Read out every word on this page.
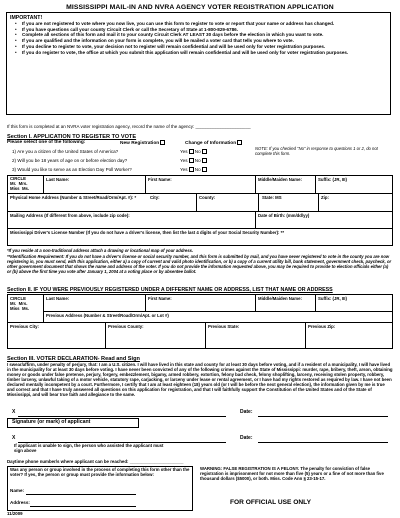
MISSISSIPPI MAIL-IN AND NVRA AGENCY VOTER REGISTRATION APPLICATION
IMPORTANT!
• If you are not registered to vote where you now live, you can use this form to register to vote or report that your name or address has changed.
• If you have questions call your county Circuit Clerk or call the Secretary of State at 1-800-829-6786.
• Complete all sections of this form and mail it to your county Circuit Clerk AT LEAST 30 days before the election in which you want to vote.
• If you are qualified and the information on your form is complete, you will be mailed a voter card that tells you where to vote.
• If you decline to register to vote, your decision not to register will remain confidential and will be used only for voter registration purposes.
• If you do register to vote, the office at which you submit this application will remain confidential and will be used only for voter registration purposes.
If this form is completed at an NVRA voter registration agency, record the name of the agency: ______________________
Section I. APPLICATION TO REGISTER TO VOTE
Please select one of the following:	New Registration	Change of Information
NOTE: If you checked "No" in response to questions 1 or 2, do not complete this form.
1) Are you a citizen of the United States of America?	Yes No
2) Will you be 18 years of age on or before election day?	Yes No
3) Would you like to serve as an Election Day Poll Worker?	Yes No
CIRCLE
Mr. Mrs.
Miss Ms.
Last Name:	First Name:	Middle/Maiden Name:	Suffix: (JR, III)
Physical Home Address (Number & Street/Road/Orm/Apt. #): *	City:	County:	State: MS	Zip:
Mailing Address (If different from above, include zip code):	Date of Birth: (mm/dd/yy)
Mississippi Driver's License Number (If you do not have a driver's license, then list the last 4 digits of your Social Security Number): **
*If you reside at a non-traditional address attach a drawing or locational map of your address.
**Identification Requirement: If you do not have a driver's license or social security number, and this form is submitted by mail, and you have never registered to vote in the county you are now registering in, you must send, with this application, either a) a copy of current and valid photo identification, or b) a copy of a current utility bill, bank statement, government check, paycheck, or other government document that shows the name and address of the voter. If you do not provide the information requested above, you may be required to provide to election officials either (a) or (b) above the first time you vote after January 1, 2004 at a voting place or by absentee ballot.
Section II. IF YOU WERE PREVIOUSLY REGISTERED UNDER A DIFFERENT NAME OR ADDRESS, LIST THAT NAME OR ADDRESS
CIRCLE
Mr. Mrs.
Miss Ms.
Last Name:	First Name:	Middle/Maiden Name:	Suffix: (JR, III)
Previous Address (Number & Street/Road/Orm/Apt. or Lot #)
Previous City:	Previous County:	Previous State:	Previous Zip:
Section III. VOTER DECLARATION- Read and Sign
I swear/affirm, under penalty of perjury, that: I am a U.S. citizen. I will have lived in this state and county for at least 30 days before voting, and if a resident of a municipality, I will have lived in the municipality for at least 30 days before voting. I have never been convicted of any of the following crimes against the State of Mississippi: murder, rape, bribery, theft, arson, obtaining money or goods under false pretense, perjury, forgery, embezzlement, bigamy, armed robbery, extortion, felony bad check, felony shoplifting, larceny, receiving stolen property, robbery, timber larceny, unlawful taking of a motor vehicle, statutory rape, carjacking, or larceny under lease or rental agreement, or I have had my rights restored as required by law. I have not been declared mentally incompetent by a court. Furthermore, I certify that I am at least eighteen (18) years old (or I will be before the next general election), the information given by me is true and correct and that I have truly answered all questions on this application for registration, and that I will faithfully support the Constitution of the United States and of the State of Mississippi, and will bear true faith and allegiance to the same.
X	Date:
Signature (or mark) of applicant
X	Date:
If applicant is unable to sign, the person who assisted the applicant must sign above
Daytime phone number/s where applicant can be reached: ______________________
Was any person or group involved in the process of completing this form other than the voter? If yes, the person or group must provide the information below:
Name:
Address:
WARNING: FALSE REGISTRATION IS A FELONY. The penalty for conviction of false registration is imprisonment for not more than five (5) years or a fine of not more than five thousand dollars ($5000), or both. Miss. Code Ann § 23-15-17.
FOR OFFICIAL USE ONLY
11/2009
